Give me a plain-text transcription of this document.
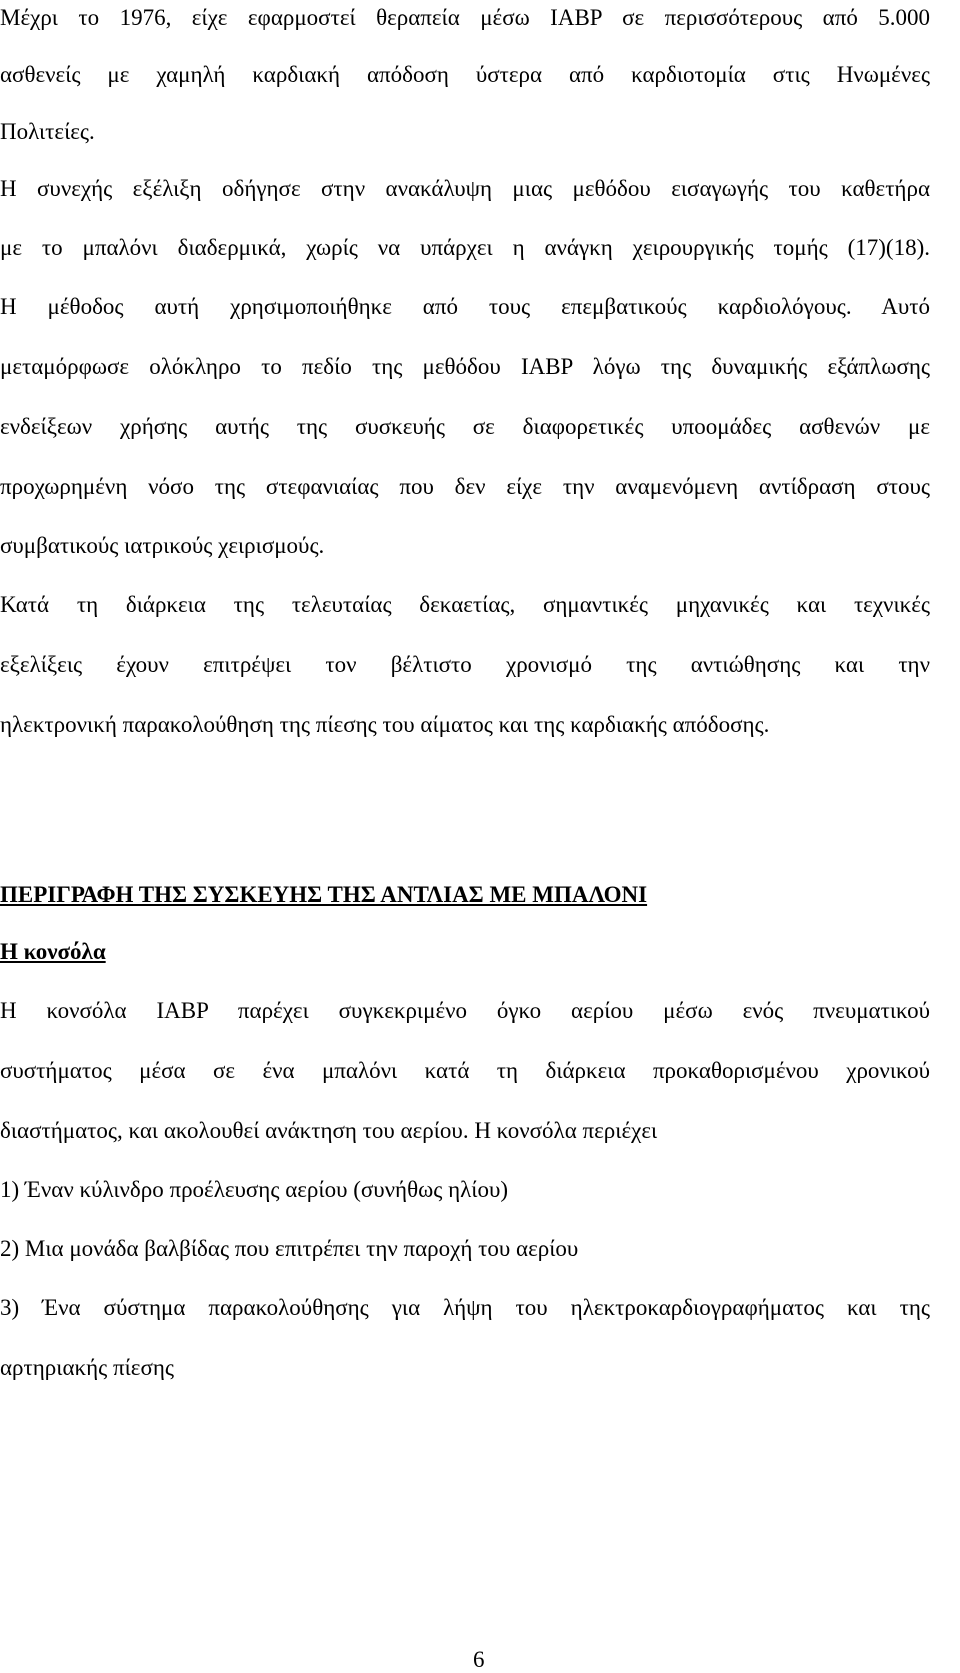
Μέχρι το 1976, είχε εφαρμοστεί θεραπεία μέσω IABP σε περισσότερους από 5.000
ασθενείς με χαμηλή καρδιακή απόδοση ύστερα από καρδιοτομία στις Ηνωμένες
Πολιτείες.
Η συνεχής εξέλιξη οδήγησε στην ανακάλυψη μιας μεθόδου εισαγωγής του καθετήρα
με το μπαλόνι διαδερμικά, χωρίς να υπάρχει η ανάγκη χειρουργικής τομής (17)(18).
Η μέθοδος αυτή χρησιμοποιήθηκε από τους επεμβατικούς καρδιολόγους. Αυτό
μεταμόρφωσε ολόκληρο το πεδίο της μεθόδου IABP λόγω της δυναμικής εξάπλωσης
ενδείξεων χρήσης αυτής της συσκευής σε διαφορετικές υποομάδες ασθενών με
προχωρημένη νόσο της στεφανιαίας που δεν είχε την αναμενόμενη αντίδραση στους
συμβατικούς ιατρικούς χειρισμούς.
Κατά τη διάρκεια της τελευταίας δεκαετίας, σημαντικές μηχανικές και τεχνικές
εξελίξεις έχουν επιτρέψει τον βέλτιστο χρονισμό της αντιώθησης και την
ηλεκτρονική παρακολούθηση της πίεσης του αίματος και της καρδιακής απόδοσης.
ΠΕΡΙΓΡΑΦΗ ΤΗΣ ΣΥΣΚΕΥΗΣ ΤΗΣ ΑΝΤΛΙΑΣ ΜΕ ΜΠΑΛΟΝΙ
Η κονσόλα
Η κονσόλα IABP παρέχει συγκεκριμένο όγκο αερίου μέσω ενός πνευματικού
συστήματος μέσα σε ένα μπαλόνι κατά τη διάρκεια προκαθορισμένου χρονικού
διαστήματος, και ακολουθεί ανάκτηση του αερίου. Η κονσόλα περιέχει
1) Έναν κύλινδρο προέλευσης αερίου (συνήθως ηλίου)
2) Μια μονάδα βαλβίδας που επιτρέπει την παροχή του αερίου
3) Ένα σύστημα παρακολούθησης για λήψη του ηλεκτροκαρδιογραφήματος και της
αρτηριακής πίεσης
6
